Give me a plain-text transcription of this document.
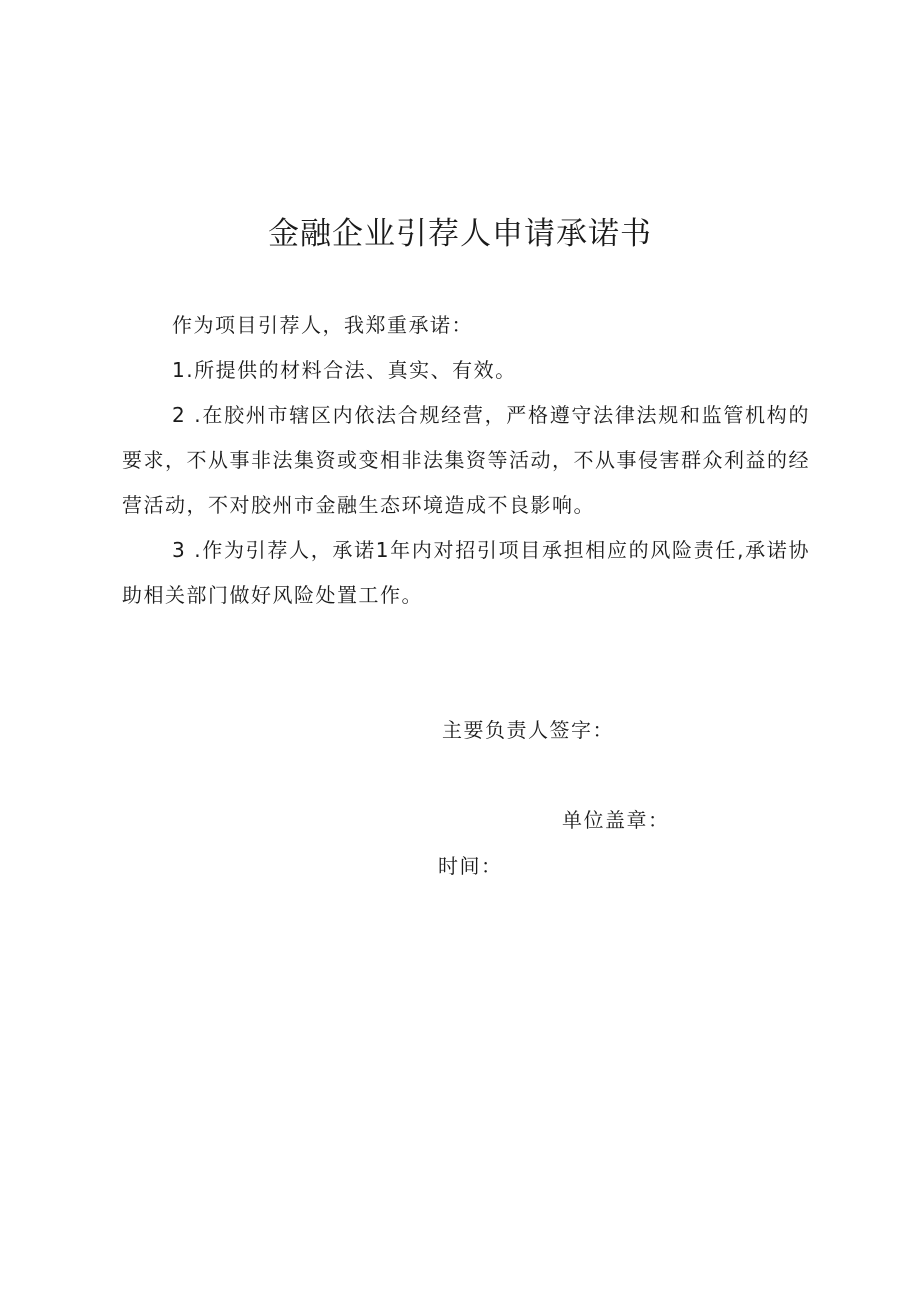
金融企业引荐人申请承诺书

作为项目引荐人，我郑重承诺：

1.所提供的材料合法、真实、有效。

2 .在胶州市辖区内依法合规经营，严格遵守法律法规和监管机构的要求，不从事非法集资或变相非法集资等活动，不从事侵害群众利益的经营活动，不对胶州市金融生态环境造成不良影响。

3 .作为引荐人，承诺1年内对招引项目承担相应的风险责任,承诺协助相关部门做好风险处置工作。

主要负责人签字：

单位盖章：

时间：
